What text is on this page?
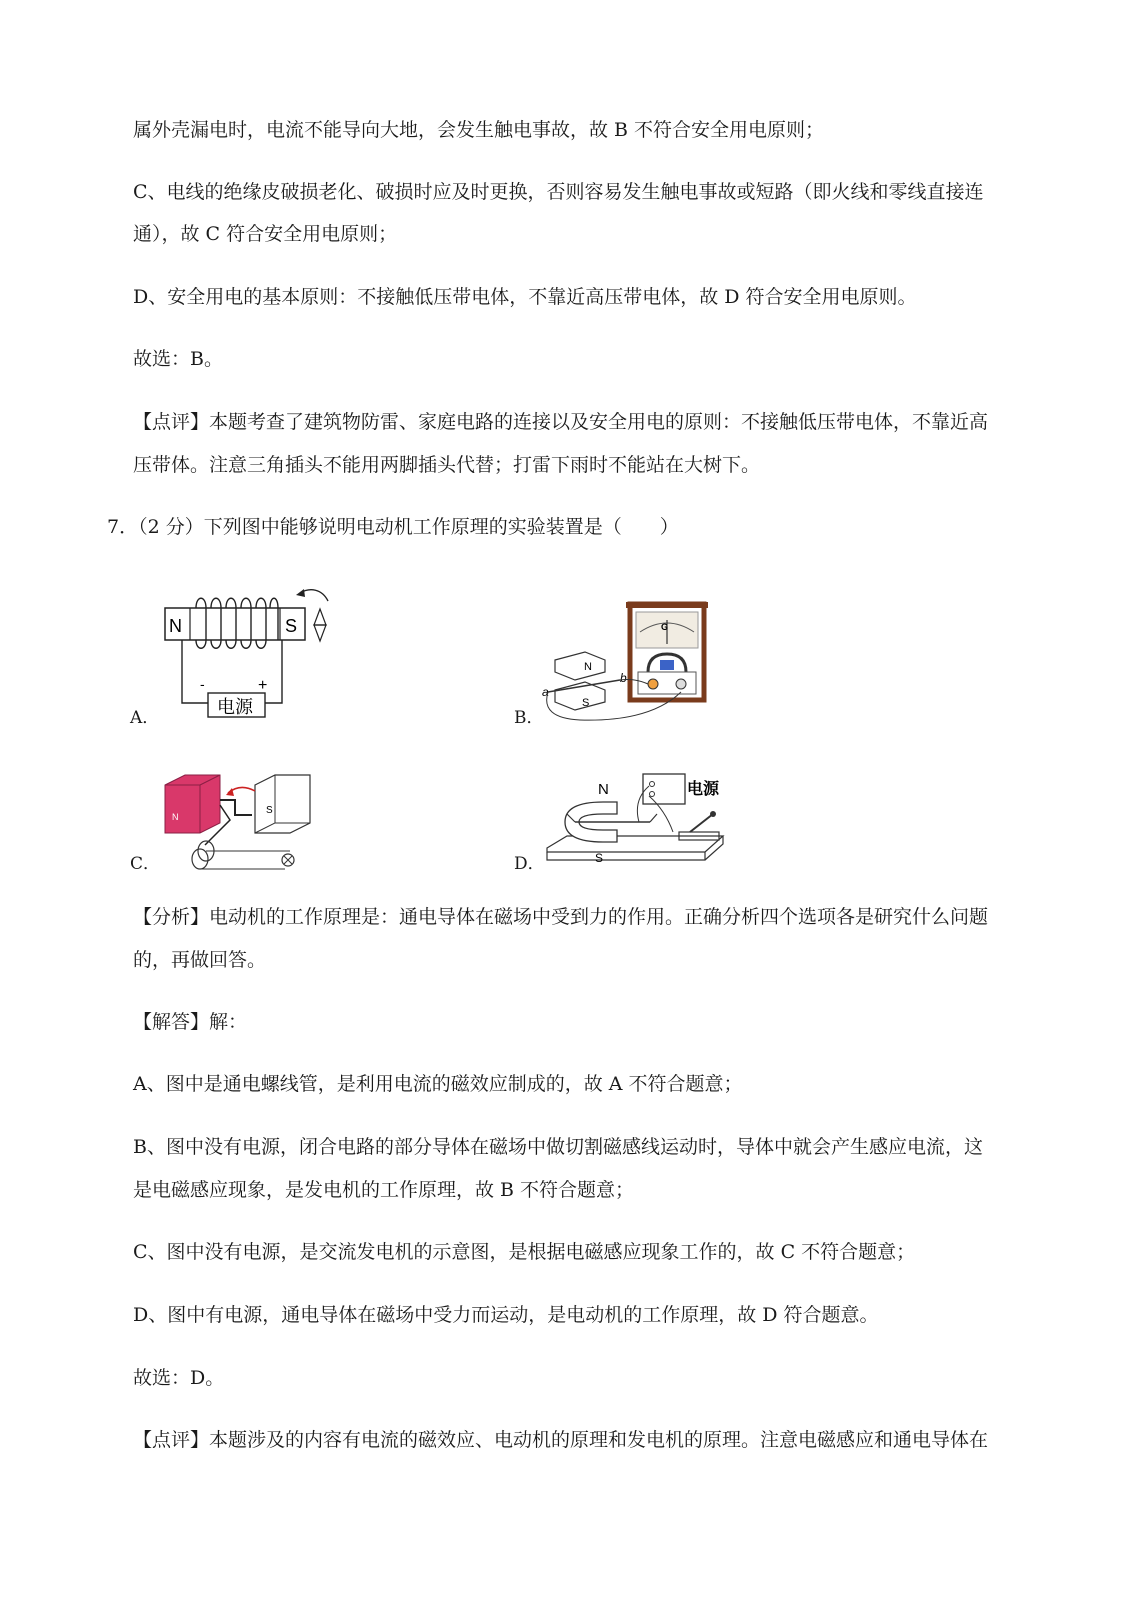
属外壳漏电时，电流不能导向大地，会发生触电事故，故 B 不符合安全用电原则；
C、电线的绝缘皮破损老化、破损时应及时更换，否则容易发生触电事故或短路（即火线和零线直接连
通），故 C 符合安全用电原则；
D、安全用电的基本原则：不接触低压带电体，不靠近高压带电体，故 D 符合安全用电原则。
故选：B。
【点评】本题考查了建筑物防雷、家庭电路的连接以及安全用电的原则：不接触低压带电体，不靠近高
压带体。注意三角插头不能用两脚插头代替；打雷下雨时不能站在大树下。
7．（2 分）下列图中能够说明电动机工作原理的实验装置是（　　）
A．	B．
C．	D．
N	S
电源
-	+
G
N
S
a
b
N
S
N
S
电源
【分析】电动机的工作原理是：通电导体在磁场中受到力的作用。正确分析四个选项各是研究什么问题
的，再做回答。
【解答】解：
A、图中是通电螺线管，是利用电流的磁效应制成的，故 A 不符合题意；
B、图中没有电源，闭合电路的部分导体在磁场中做切割磁感线运动时，导体中就会产生感应电流，这
是电磁感应现象，是发电机的工作原理，故 B 不符合题意；
C、图中没有电源，是交流发电机的示意图，是根据电磁感应现象工作的，故 C 不符合题意；
D、图中有电源，通电导体在磁场中受力而运动，是电动机的工作原理，故 D 符合题意。
故选：D。
【点评】本题涉及的内容有电流的磁效应、电动机的原理和发电机的原理。注意电磁感应和通电导体在
